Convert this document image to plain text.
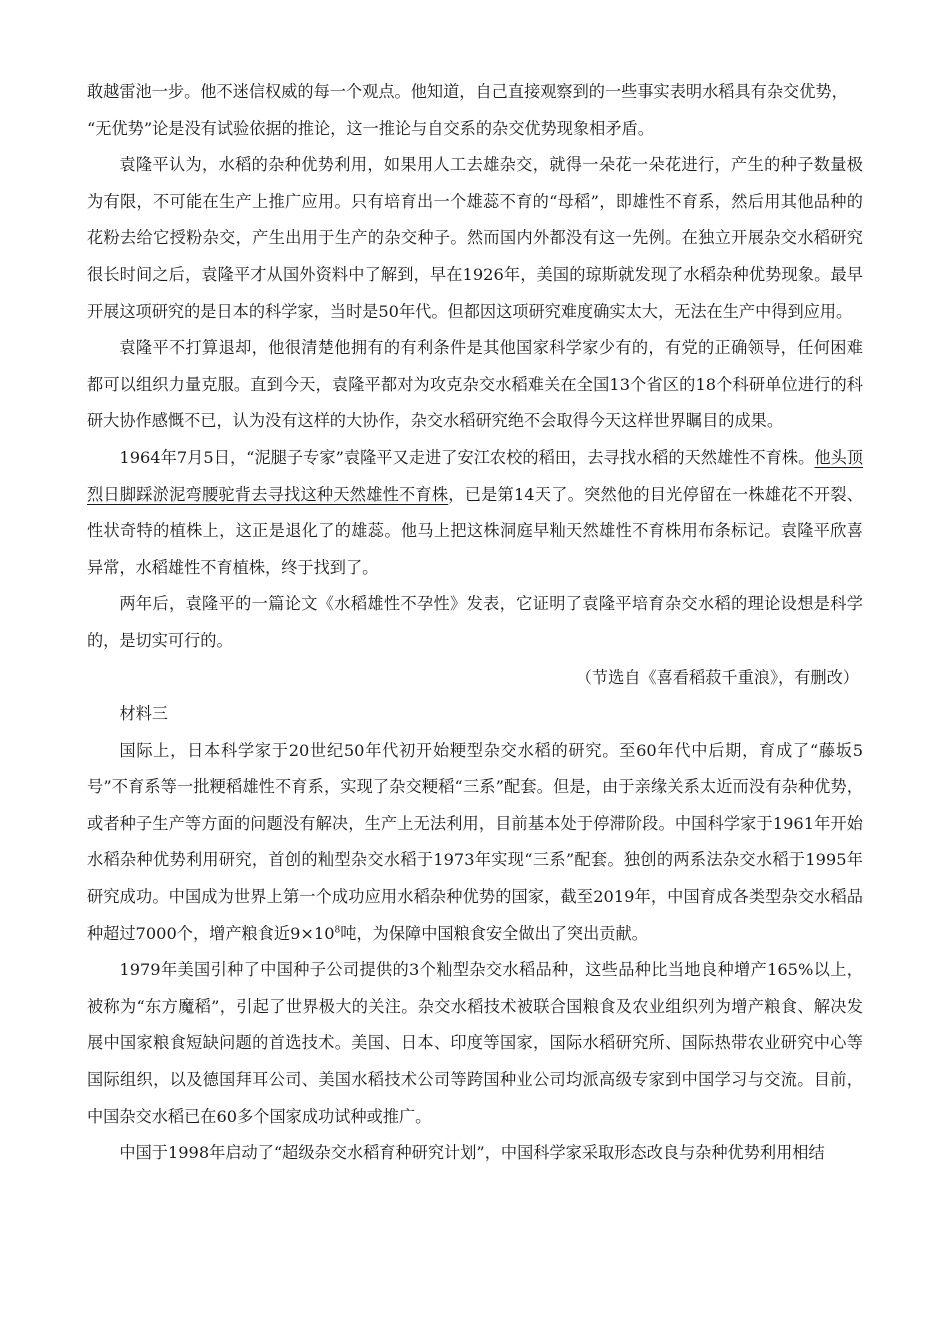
敢越雷池一步。他不迷信权威的每一个观点。他知道，自己直接观察到的一些事实表明水稻具有杂交优势，

“无优势”论是没有试验依据的推论，这一推论与自交系的杂交优势现象相矛盾。

袁隆平认为，水稻的杂种优势利用，如果用人工去雄杂交，就得一朵花一朵花进行，产生的种子数量极为有限，不可能在生产上推广应用。只有培育出一个雄蕊不育的“母稻”，即雄性不育系，然后用其他品种的花粉去给它授粉杂交，产生出用于生产的杂交种子。然而国内外都没有这一先例。在独立开展杂交水稻研究很长时间之后，袁隆平才从国外资料中了解到，早在1926年，美国的琼斯就发现了水稻杂种优势现象。最早开展这项研究的是日本的科学家，当时是50年代。但都因这项研究难度确实太大，无法在生产中得到应用。

袁隆平不打算退却，他很清楚他拥有的有利条件是其他国家科学家少有的，有党的正确领导，任何困难都可以组织力量克服。直到今天，袁隆平都对为攻克杂交水稻难关在全国13个省区的18个科研单位进行的科研大协作感慨不已，认为没有这样的大协作，杂交水稻研究绝不会取得今天这样世界瞩目的成果。

1964年7月5日，“泥腿子专家”袁隆平又走进了安江农校的稻田，去寻找水稻的天然雄性不育株。他头顶烈日脚踩淤泥弯腰驼背去寻找这种天然雄性不育株，已是第14天了。突然他的目光停留在一株雄花不开裂、性状奇特的植株上，这正是退化了的雄蕊。他马上把这株洞庭早籼天然雄性不育株用布条标记。袁隆平欣喜异常，水稻雄性不育植株，终于找到了。

两年后，袁隆平的一篇论文《水稻雄性不孕性》发表，它证明了袁隆平培育杂交水稻的理论设想是科学的，是切实可行的。

（节选自《喜看稻菽千重浪》，有删改）

材料三

国际上，日本科学家于20世纪50年代初开始粳型杂交水稻的研究。至60年代中后期，育成了“藤坂5号”不育系等一批粳稻雄性不育系，实现了杂交粳稻“三系”配套。但是，由于亲缘关系太近而没有杂种优势，或者种子生产等方面的问题没有解决，生产上无法利用，目前基本处于停滞阶段。中国科学家于1961年开始水稻杂种优势利用研究，首创的籼型杂交水稻于1973年实现“三系”配套。独创的两系法杂交水稻于1995年研究成功。中国成为世界上第一个成功应用水稻杂种优势的国家，截至2019年，中国育成各类型杂交水稻品种超过7000个，增产粮食近$9\times 10^8$吨，为保障中国粮食安全做出了突出贡献。

1979年美国引种了中国种子公司提供的3个籼型杂交水稻品种，这些品种比当地良种增产165%以上，被称为“东方魔稻”，引起了世界极大的关注。杂交水稻技术被联合国粮食及农业组织列为增产粮食、解决发展中国家粮食短缺问题的首选技术。美国、日本、印度等国家，国际水稻研究所、国际热带农业研究中心等国际组织，以及德国拜耳公司、美国水稻技术公司等跨国种业公司均派高级专家到中国学习与交流。目前，中国杂交水稻已在60多个国家成功试种或推广。

中国于1998年启动了“超级杂交水稻育种研究计划”，中国科学家采取形态改良与杂种优势利用相结
